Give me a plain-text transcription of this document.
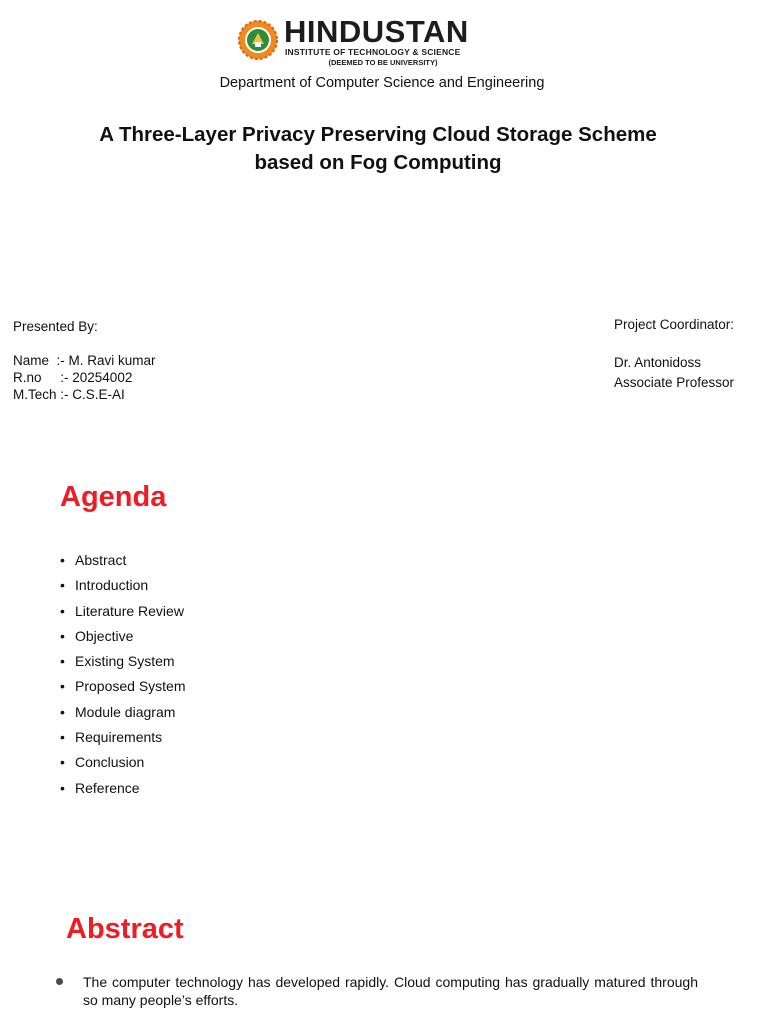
HINDUSTAN
INSTITUTE OF TECHNOLOGY & SCIENCE
(DEEMED TO BE UNIVERSITY)
Department of Computer Science and Engineering
A Three-Layer Privacy Preserving Cloud Storage Scheme
based on Fog Computing
Presented By:
Name  :- M. Ravi kumar
R.no     :- 20254002
M.Tech :- C.S.E-AI
Project Coordinator:
Dr. Antonidoss
Associate Professor
Agenda
• Abstract
• Introduction
• Literature Review
• Objective
• Existing System
• Proposed System
• Module diagram
• Requirements
• Conclusion
• Reference
Abstract
The computer technology has developed rapidly. Cloud computing has gradually matured through so many people’s efforts.
